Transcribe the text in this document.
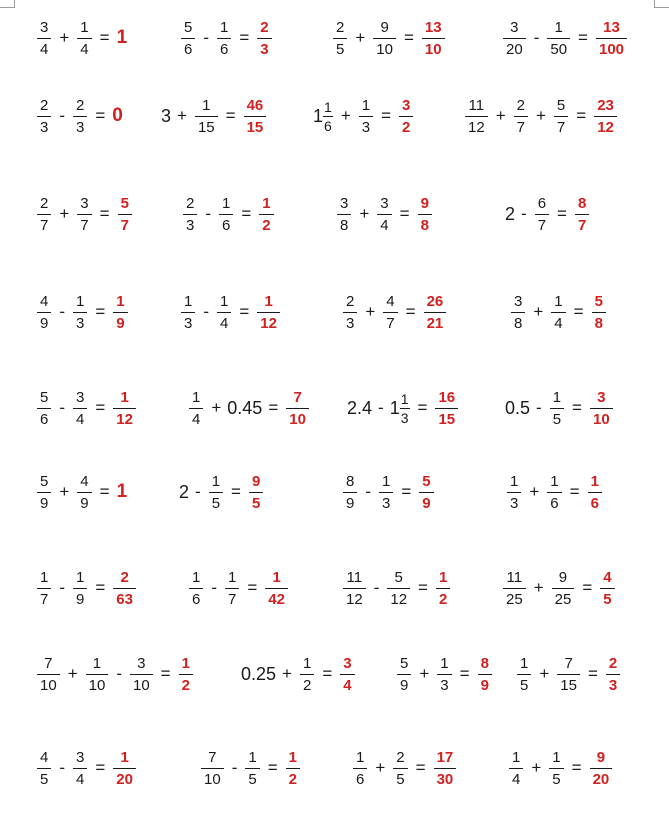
$\frac{3}{4} + \frac{1}{4} = 1$	$\frac{5}{6} - \frac{1}{6} = \frac{2}{3}$	$\frac{2}{5} + \frac{9}{10} = \frac{13}{10}$	$\frac{3}{20} - \frac{1}{50} = \frac{13}{100}$
$\frac{2}{3} - \frac{2}{3} = 0$ $3 + \frac{1}{15} = \frac{46}{15}$	$1 \frac{1}{6} + \frac{1}{3} = \frac{3}{2}$	$\frac{11}{12} + \frac{2}{7} + \frac{5}{7} = \frac{23}{12}$
$\frac{2}{7} + \frac{3}{7} = \frac{5}{7}$	$\frac{2}{3} - \frac{1}{6} = \frac{1}{2}$	$\frac{3}{8} + \frac{3}{4} = \frac{9}{8}$	$2 - \frac{6}{7} = \frac{8}{7}$
$\frac{4}{9} - \frac{1}{3} = \frac{1}{9}$	$\frac{1}{3} - \frac{1}{4} = \frac{1}{12}$	$\frac{2}{3} + \frac{4}{7} = \frac{26}{21}$	$\frac{3}{8} + \frac{1}{4} = \frac{5}{8}$
$\frac{5}{6} - \frac{3}{4} = \frac{1}{12}$	$\frac{1}{4} + 0.45 = \frac{7}{10} 2.4 - 1 \frac{1}{3} = \frac{16}{15}$	$0.5 - \frac{1}{5} = \frac{3}{10}$
$\frac{5}{9} + \frac{4}{9} = 1$	$2 - \frac{1}{5} = \frac{9}{5}$	$\frac{8}{9} - \frac{1}{3} = \frac{5}{9}$	$\frac{1}{3} + \frac{1}{6} = \frac{1}{6}$
$\frac{1}{7} - \frac{1}{9} = \frac{2}{63}$	$\frac{1}{6} - \frac{1}{7} = \frac{1}{42}$	$\frac{11}{12} - \frac{5}{12} = \frac{1}{2}$	$\frac{11}{25} + \frac{9}{25} = \frac{4}{5}$
$\frac{7}{10} + \frac{1}{10} - \frac{3}{10} = \frac{1}{2}$	$0.25 + \frac{1}{2} = \frac{3}{4}$	$\frac{5}{9} + \frac{1}{3} = \frac{8}{9} \frac{1}{5} + \frac{7}{15} = \frac{2}{3}$
$\frac{4}{5} - \frac{3}{4} = \frac{1}{20}$	$\frac{7}{10} - \frac{1}{5} = \frac{1}{2}$	$\frac{1}{6} + \frac{2}{5} = \frac{17}{30}$	$\frac{1}{4} + \frac{1}{5} = \frac{9}{20}$
